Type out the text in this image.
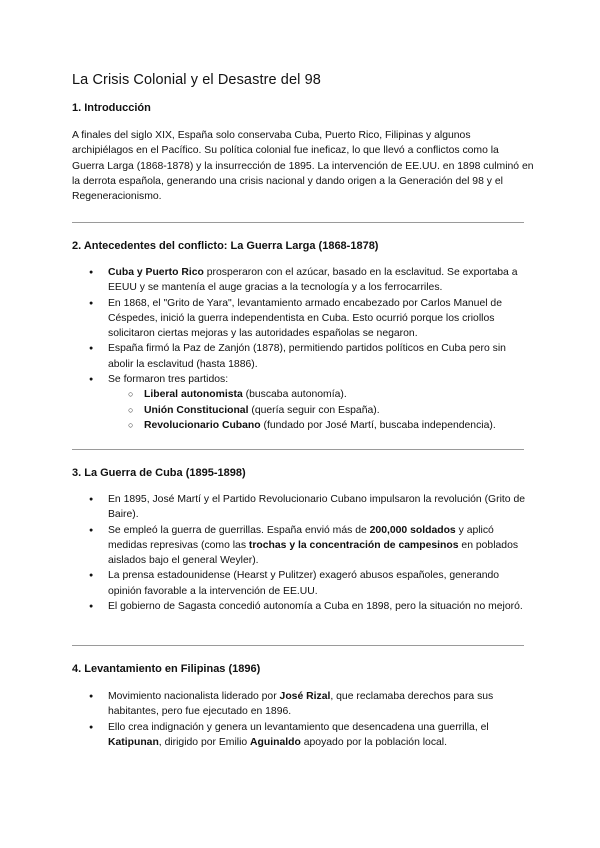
La Crisis Colonial y el Desastre del 98
1. Introducción
A finales del siglo XIX, España solo conservaba Cuba, Puerto Rico, Filipinas y algunos archipiélagos en el Pacífico. Su política colonial fue ineficaz, lo que llevó a conflictos como la Guerra Larga (1868-1878) y la insurrección de 1895. La intervención de EE.UU. en 1898 culminó en la derrota española, generando una crisis nacional y dando origen a la Generación del 98 y el Regeneracionismo.
2. Antecedentes del conflicto: La Guerra Larga (1868-1878)
● Cuba y Puerto Rico prosperaron con el azúcar, basado en la esclavitud. Se exportaba a EEUU y se mantenía el auge gracias a la tecnología y a los ferrocarriles.
● En 1868, el "Grito de Yara", levantamiento armado encabezado por Carlos Manuel de Céspedes, inició la guerra independentista en Cuba. Esto ocurrió porque los criollos solicitaron ciertas mejoras y las autoridades españolas se negaron.
● España firmó la Paz de Zanjón (1878), permitiendo partidos políticos en Cuba pero sin abolir la esclavitud (hasta 1886).
● Se formaron tres partidos:
○ Liberal autonomista (buscaba autonomía).
○ Unión Constitucional (quería seguir con España).
○ Revolucionario Cubano (fundado por José Martí, buscaba independencia).
3. La Guerra de Cuba (1895-1898)
● En 1895, José Martí y el Partido Revolucionario Cubano impulsaron la revolución (Grito de Baire).
● Se empleó la guerra de guerrillas. España envió más de 200,000 soldados y aplicó medidas represivas (como las trochas y la concentración de campesinos en poblados aislados bajo el general Weyler).
● La prensa estadounidense (Hearst y Pulitzer) exageró abusos españoles, generando opinión favorable a la intervención de EE.UU.
● El gobierno de Sagasta concedió autonomía a Cuba en 1898, pero la situación no mejoró.
4. Levantamiento en Filipinas (1896)
● Movimiento nacionalista liderado por José Rizal, que reclamaba derechos para sus habitantes, pero fue ejecutado en 1896.
● Ello crea indignación y genera un levantamiento que desencadena una guerrilla, el Katipunan, dirigido por Emilio Aguinaldo apoyado por la población local.
